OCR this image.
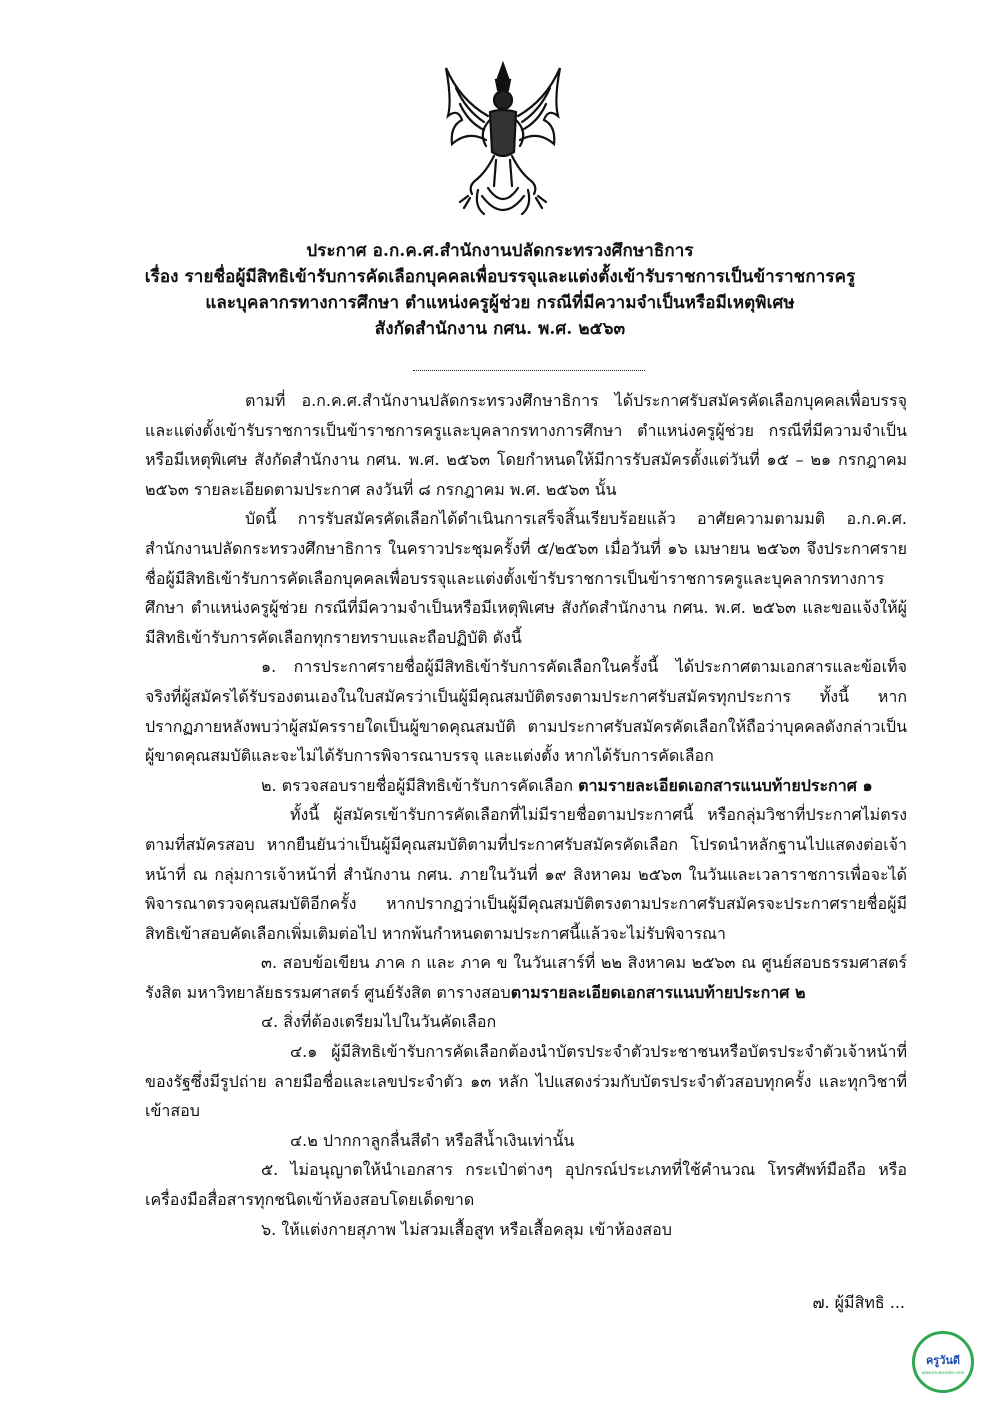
ประกาศ อ.ก.ค.ศ.สำนักงานปลัดกระทรวงศึกษาธิการ
เรื่อง รายชื่อผู้มีสิทธิเข้ารับการคัดเลือกบุคคลเพื่อบรรจุและแต่งตั้งเข้ารับราชการเป็นข้าราชการครู
และบุคลากรทางการศึกษา ตำแหน่งครูผู้ช่วย กรณีที่มีความจำเป็นหรือมีเหตุพิเศษ
สังกัดสำนักงาน กศน. พ.ศ. ๒๕๖๓
ตามที่ อ.ก.ค.ศ.สำนักงานปลัดกระทรวงศึกษาธิการ ได้ประกาศรับสมัครคัดเลือกบุคคลเพื่อบรรจุและแต่งตั้งเข้ารับราชการเป็นข้าราชการครูและบุคลากรทางการศึกษา ตำแหน่งครูผู้ช่วย กรณีที่มีความจำเป็นหรือมีเหตุพิเศษ สังกัดสำนักงาน กศน. พ.ศ. ๒๕๖๓ โดยกำหนดให้มีการรับสมัครตั้งแต่วันที่ ๑๕ – ๒๑ กรกฎาคม ๒๕๖๓ รายละเอียดตามประกาศ ลงวันที่ ๘ กรกฎาคม พ.ศ. ๒๕๖๓ นั้น
บัดนี้ การรับสมัครคัดเลือกได้ดำเนินการเสร็จสิ้นเรียบร้อยแล้ว อาศัยความตามมติ อ.ก.ค.ศ. สำนักงานปลัดกระทรวงศึกษาธิการ ในคราวประชุมครั้งที่ ๕/๒๕๖๓ เมื่อวันที่ ๑๖ เมษายน ๒๕๖๓ จึงประกาศรายชื่อผู้มีสิทธิเข้ารับการคัดเลือกบุคคลเพื่อบรรจุและแต่งตั้งเข้ารับราชการเป็นข้าราชการครูและบุคลากรทางการศึกษา ตำแหน่งครูผู้ช่วย กรณีที่มีความจำเป็นหรือมีเหตุพิเศษ สังกัดสำนักงาน กศน. พ.ศ. ๒๕๖๓ และขอแจ้งให้ผู้มีสิทธิเข้ารับการคัดเลือกทุกรายทราบและถือปฏิบัติ ดังนี้
๑. การประกาศรายชื่อผู้มีสิทธิเข้ารับการคัดเลือกในครั้งนี้ ได้ประกาศตามเอกสารและข้อเท็จจริงที่ผู้สมัครได้รับรองตนเองในใบสมัครว่าเป็นผู้มีคุณสมบัติตรงตามประกาศรับสมัครทุกประการ ทั้งนี้ หากปรากฏภายหลังพบว่าผู้สมัครรายใดเป็นผู้ขาดคุณสมบัติ ตามประกาศรับสมัครคัดเลือกให้ถือว่าบุคคลดังกล่าวเป็นผู้ขาดคุณสมบัติและจะไม่ได้รับการพิจารณาบรรจุ และแต่งตั้ง หากได้รับการคัดเลือก
๒. ตรวจสอบรายชื่อผู้มีสิทธิเข้ารับการคัดเลือก ตามรายละเอียดเอกสารแนบท้ายประกาศ ๑
ทั้งนี้ ผู้สมัครเข้ารับการคัดเลือกที่ไม่มีรายชื่อตามประกาศนี้ หรือกลุ่มวิชาที่ประกาศไม่ตรงตามที่สมัครสอบ หากยืนยันว่าเป็นผู้มีคุณสมบัติตามที่ประกาศรับสมัครคัดเลือก โปรดนำหลักฐานไปแสดงต่อเจ้าหน้าที่ ณ กลุ่มการเจ้าหน้าที่ สำนักงาน กศน. ภายในวันที่ ๑๙ สิงหาคม ๒๕๖๓ ในวันและเวลาราชการเพื่อจะได้พิจารณาตรวจคุณสมบัติอีกครั้ง หากปรากฏว่าเป็นผู้มีคุณสมบัติตรงตามประกาศรับสมัครจะประกาศรายชื่อผู้มีสิทธิเข้าสอบคัดเลือกเพิ่มเติมต่อไป หากพ้นกำหนดตามประกาศนี้แล้วจะไม่รับพิจารณา
๓. สอบข้อเขียน ภาค ก และ ภาค ข ในวันเสาร์ที่ ๒๒ สิงหาคม ๒๕๖๓ ณ ศูนย์สอบธรรมศาสตร์รังสิต มหาวิทยาลัยธรรมศาสตร์ ศูนย์รังสิต ตารางสอบตามรายละเอียดเอกสารแนบท้ายประกาศ ๒
๔. สิ่งที่ต้องเตรียมไปในวันคัดเลือก
๔.๑ ผู้มีสิทธิเข้ารับการคัดเลือกต้องนำบัตรประจำตัวประชาชนหรือบัตรประจำตัวเจ้าหน้าที่ของรัฐซึ่งมีรูปถ่าย ลายมือชื่อและเลขประจำตัว ๑๓ หลัก ไปแสดงร่วมกับบัตรประจำตัวสอบทุกครั้ง และทุกวิชาที่เข้าสอบ
๔.๒ ปากกาลูกลื่นสีดำ หรือสีน้ำเงินเท่านั้น
๕. ไม่อนุญาตให้นำเอกสาร กระเป๋าต่างๆ อุปกรณ์ประเภทที่ใช้คำนวณ โทรศัพท์มือถือ หรือเครื่องมือสื่อสารทุกชนิดเข้าห้องสอบโดยเด็ดขาด
๖. ให้แต่งกายสุภาพ ไม่สวมเสื้อสูท หรือเสื้อคลุม เข้าห้องสอบ
๗. ผู้มีสิทธิ ...
ครูวันดี
www.kruwandee.com
